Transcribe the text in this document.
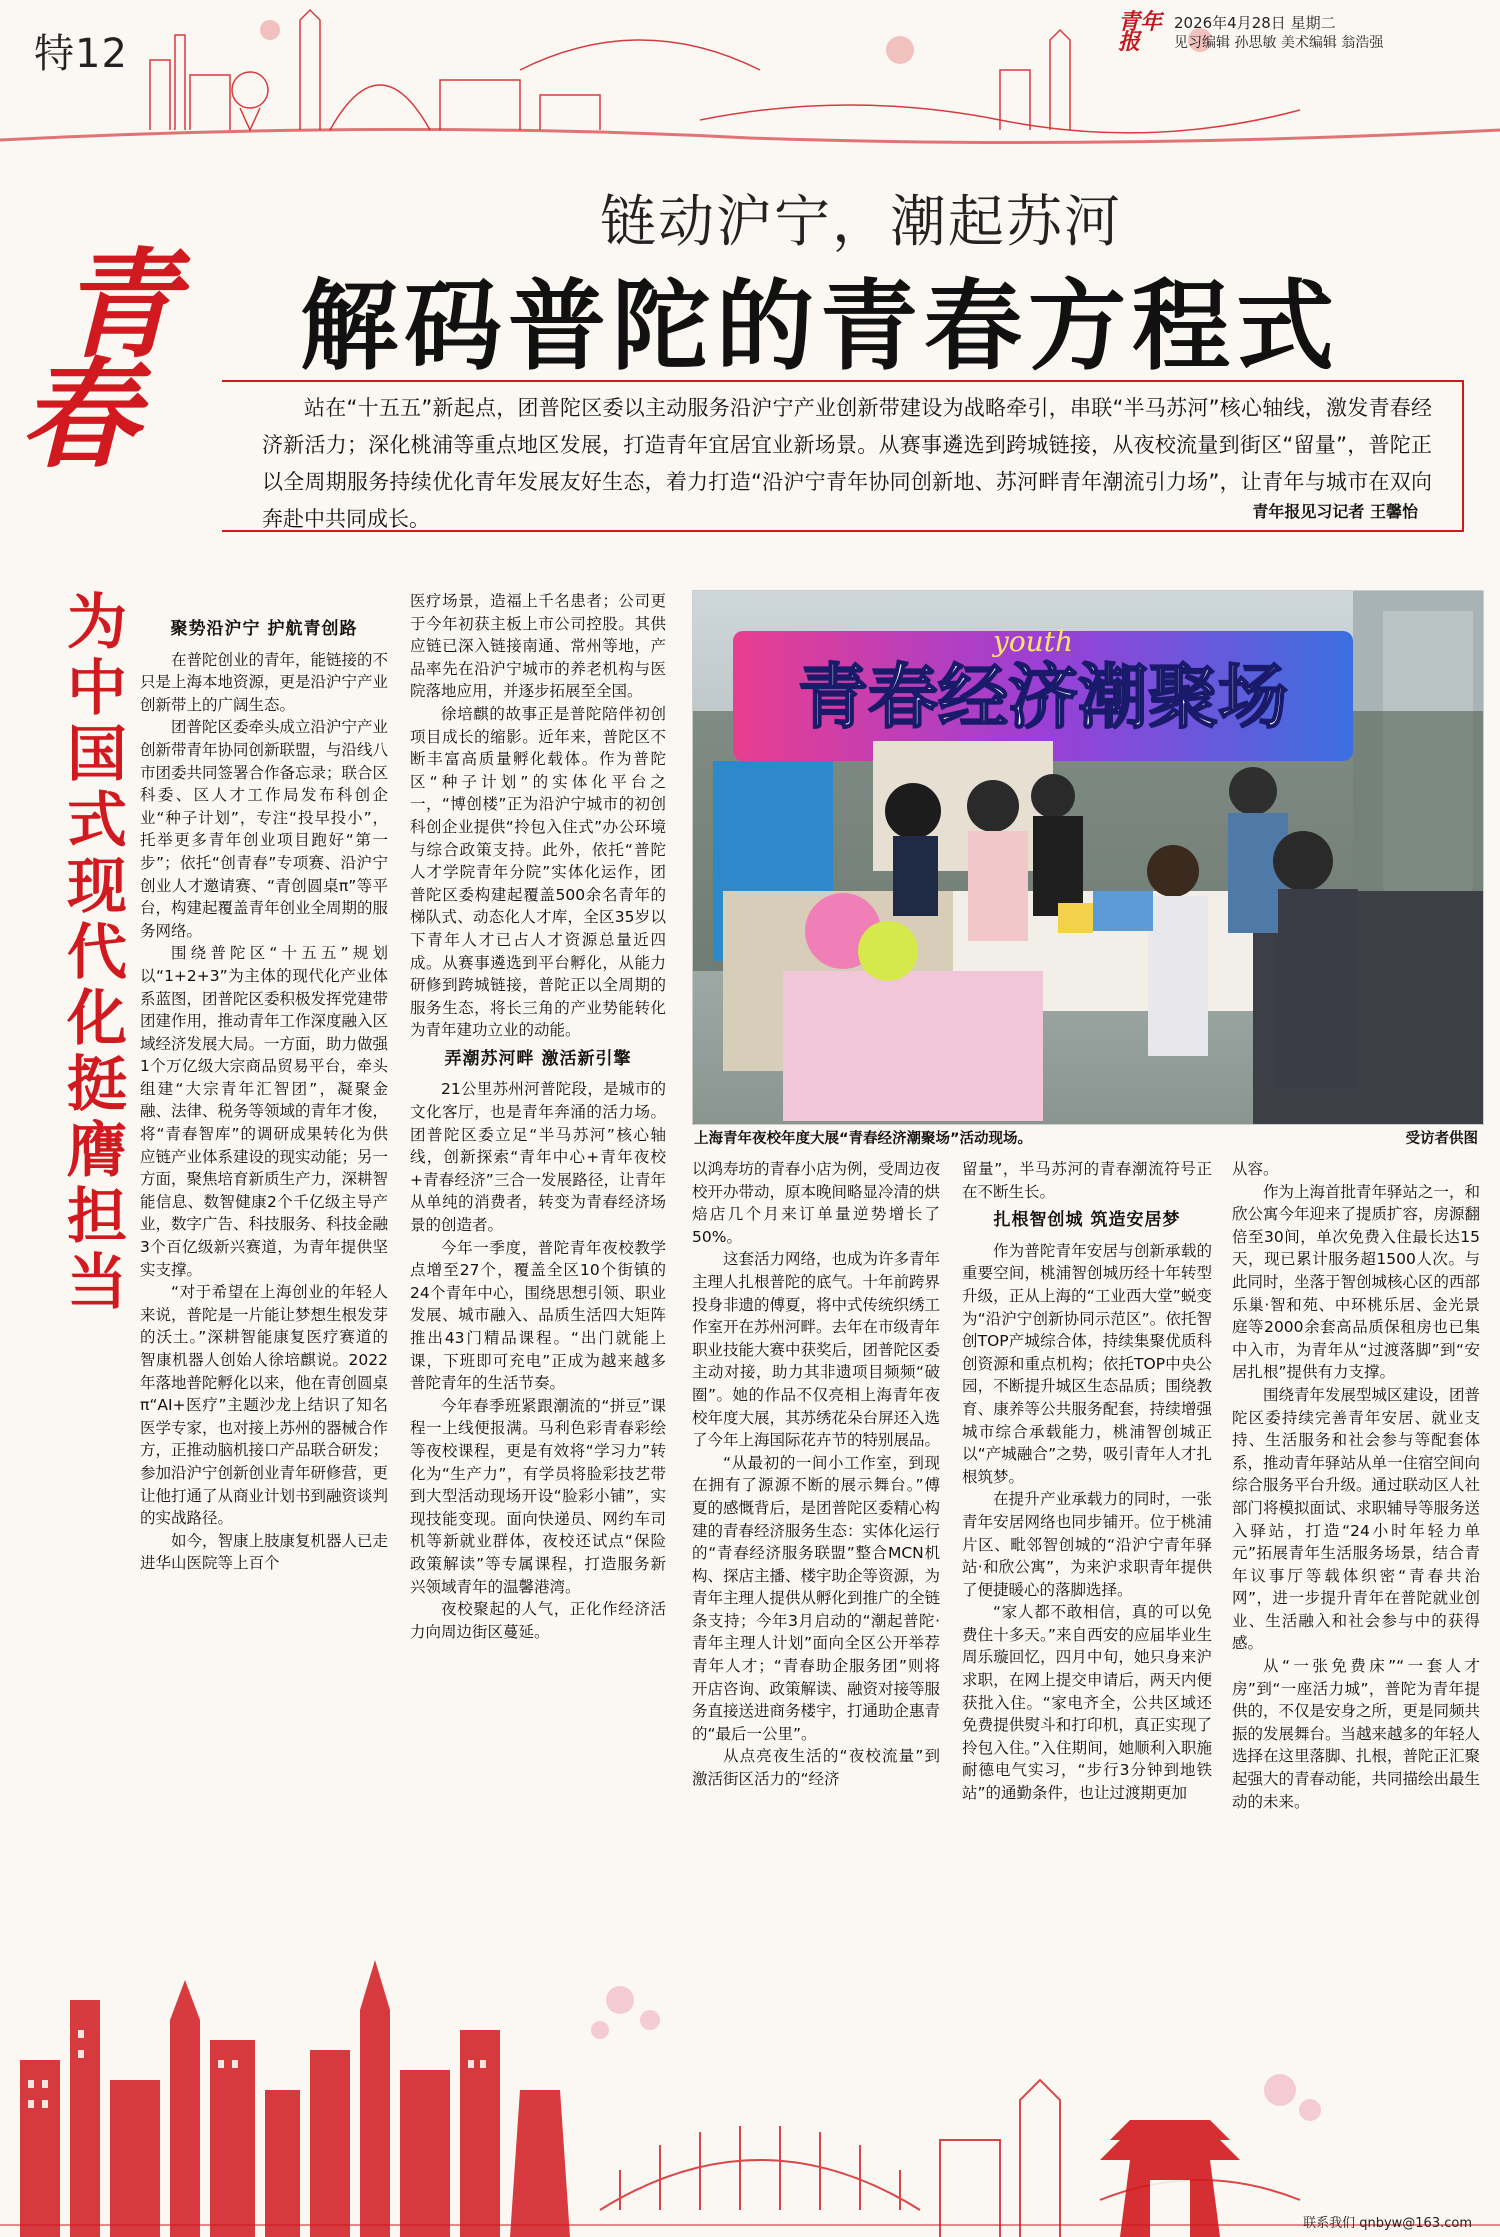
特12
青年报
2026年4月28日 星期二
见习编辑 孙思敏 美术编辑 翁浩强
链动沪宁，潮起苏河
解码普陀的青春方程式
青
春
为
中
国
式
现
代
化
挺
膺
担
当

站在“十五五”新起点，团普陀区委以主动服务沿沪宁产业创新带建设为战略牵引，串联“半马苏河”核心轴线，激发青春经济新活力；深化桃浦等重点地区发展，打造青年宜居宜业新场景。从赛事遴选到跨城链接，从夜校流量到街区“留量”，普陀正以全周期服务持续优化青年发展友好生态，着力打造“沿沪宁青年协同创新地、苏河畔青年潮流引力场”，让青年与城市在双向奔赴中共同成长。	青年报见习记者 王馨怡
聚势沿沪宁 护航青创路

在普陀创业的青年，能链接的不只是上海本地资源，更是沿沪宁产业创新带上的广阔生态。

团普陀区委牵头成立沿沪宁产业创新带青年协同创新联盟，与沿线八市团委共同签署合作备忘录；联合区科委、区人才工作局发布科创企业“种子计划”，专注“投早投小”，托举更多青年创业项目跑好“第一步”；依托“创青春”专项赛、沿沪宁创业人才邀请赛、“青创圆桌π”等平台，构建起覆盖青年创业全周期的服务网络。

围绕普陀区“十五五”规划以“1+2+3”为主体的现代化产业体系蓝图，团普陀区委积极发挥党建带团建作用，推动青年工作深度融入区域经济发展大局。一方面，助力做强1个万亿级大宗商品贸易平台，牵头组建“大宗青年汇智团”，凝聚金融、法律、税务等领域的青年才俊，将“青春智库”的调研成果转化为供应链产业体系建设的现实动能；另一方面，聚焦培育新质生产力，深耕智能信息、数智健康2个千亿级主导产业，数字广告、科技服务、科技金融3个百亿级新兴赛道，为青年提供坚实支撑。

“对于希望在上海创业的年轻人来说，普陀是一片能让梦想生根发芽的沃土。”深耕智能康复医疗赛道的智康机器人创始人徐培麒说。2022年落地普陀孵化以来，他在青创圆桌π“AI+医疗”主题沙龙上结识了知名医学专家，也对接上苏州的器械合作方，正推动脑机接口产品联合研发；参加沿沪宁创新创业青年研修营，更让他打通了从商业计划书到融资谈判的实战路径。

如今，智康上肢康复机器人已走进华山医院等上百个

医疗场景，造福上千名患者；公司更于今年初获主板上市公司控股。其供应链已深入链接南通、常州等地，产品率先在沿沪宁城市的养老机构与医院落地应用，并逐步拓展至全国。

徐培麒的故事正是普陀陪伴初创项目成长的缩影。近年来，普陀区不断丰富高质量孵化载体。作为普陀区“种子计划”的实体化平台之一，“博创楼”正为沿沪宁城市的初创科创企业提供“拎包入住式”办公环境与综合政策支持。此外，依托“普陀人才学院青年分院”实体化运作，团普陀区委构建起覆盖500余名青年的梯队式、动态化人才库，全区35岁以下青年人才已占人才资源总量近四成。从赛事遴选到平台孵化，从能力研修到跨城链接，普陀正以全周期的服务生态，将长三角的产业势能转化为青年建功立业的动能。

弄潮苏河畔 激活新引擎

21公里苏州河普陀段，是城市的文化客厅，也是青年奔涌的活力场。团普陀区委立足“半马苏河”核心轴线，创新探索“青年中心+青年夜校+青春经济”三合一发展路径，让青年从单纯的消费者，转变为青春经济场景的创造者。

今年一季度，普陀青年夜校教学点增至27个，覆盖全区10个街镇的24个青年中心，围绕思想引领、职业发展、城市融入、品质生活四大矩阵推出43门精品课程。“出门就能上课，下班即可充电”正成为越来越多普陀青年的生活节奏。

今年春季班紧跟潮流的“拼豆”课程一上线便报满。马利色彩青春彩绘等夜校课程，更是有效将“学习力”转化为“生产力”，有学员将脸彩技艺带到大型活动现场开设“脸彩小铺”，实现技能变现。面向快递员、网约车司机等新就业群体，夜校还试点“保险政策解读”等专属课程，打造服务新兴领域青年的温馨港湾。

夜校聚起的人气，正化作经济活力向周边街区蔓延。

青春经济潮聚场
youth
上海青年夜校年度大展“青春经济潮聚场”活动现场。	受访者供图

以鸿寿坊的青春小店为例，受周边夜校开办带动，原本晚间略显冷清的烘焙店几个月来订单量逆势增长了50%。

这套活力网络，也成为许多青年主理人扎根普陀的底气。十年前跨界投身非遗的傅夏，将中式传统织绣工作室开在苏州河畔。去年在市级青年职业技能大赛中获奖后，团普陀区委主动对接，助力其非遗项目频频“破圈”。她的作品不仅亮相上海青年夜校年度大展，其苏绣花朵台屏还入选了今年上海国际花卉节的特别展品。

“从最初的一间小工作室，到现在拥有了源源不断的展示舞台。”傅夏的感慨背后，是团普陀区委精心构建的青春经济服务生态：实体化运行的“青春经济服务联盟”整合MCN机构、探店主播、楼宇助企等资源，为青年主理人提供从孵化到推广的全链条支持；今年3月启动的“潮起普陀·青年主理人计划”面向全区公开举荐青年人才；“青春助企服务团”则将开店咨询、政策解读、融资对接等服务直接送进商务楼宇，打通助企惠青的“最后一公里”。

从点亮夜生活的“夜校流量”到激活街区活力的“经济

留量”，半马苏河的青春潮流符号正在不断生长。

扎根智创城 筑造安居梦

作为普陀青年安居与创新承载的重要空间，桃浦智创城历经十年转型升级，正从上海的“工业西大堂”蜕变为“沿沪宁创新协同示范区”。依托智创TOP产城综合体，持续集聚优质科创资源和重点机构；依托TOP中央公园，不断提升城区生态品质；围绕教育、康养等公共服务配套，持续增强城市综合承载能力，桃浦智创城正以“产城融合”之势，吸引青年人才扎根筑梦。

在提升产业承载力的同时，一张青年安居网络也同步铺开。位于桃浦片区、毗邻智创城的“沿沪宁青年驿站·和欣公寓”，为来沪求职青年提供了便捷暖心的落脚选择。

“家人都不敢相信，真的可以免费住十多天。”来自西安的应届毕业生周乐璇回忆，四月中旬，她只身来沪求职，在网上提交申请后，两天内便获批入住。“家电齐全，公共区域还免费提供熨斗和打印机，真正实现了拎包入住。”入住期间，她顺利入职施耐德电气实习，“步行3分钟到地铁站”的通勤条件，也让过渡期更加

从容。

作为上海首批青年驿站之一，和欣公寓今年迎来了提质扩容，房源翻倍至30间，单次免费入住最长达15天，现已累计服务超1500人次。与此同时，坐落于智创城核心区的西部乐巢·智和苑、中环桃乐居、金光景庭等2000余套高品质保租房也已集中入市，为青年从“过渡落脚”到“安居扎根”提供有力支撑。

围绕青年发展型城区建设，团普陀区委持续完善青年安居、就业支持、生活服务和社会参与等配套体系，推动青年驿站从单一住宿空间向综合服务平台升级。通过联动区人社部门将模拟面试、求职辅导等服务送入驿站，打造“24小时年轻力单元”拓展青年生活服务场景，结合青年议事厅等载体织密“青春共治网”，进一步提升青年在普陀就业创业、生活融入和社会参与中的获得感。

从“一张免费床”“一套人才房”到“一座活力城”，普陀为青年提供的，不仅是安身之所，更是同频共振的发展舞台。当越来越多的年轻人选择在这里落脚、扎根，普陀正汇聚起强大的青春动能，共同描绘出最生动的未来。

联系我们 qnbyw@163.com
